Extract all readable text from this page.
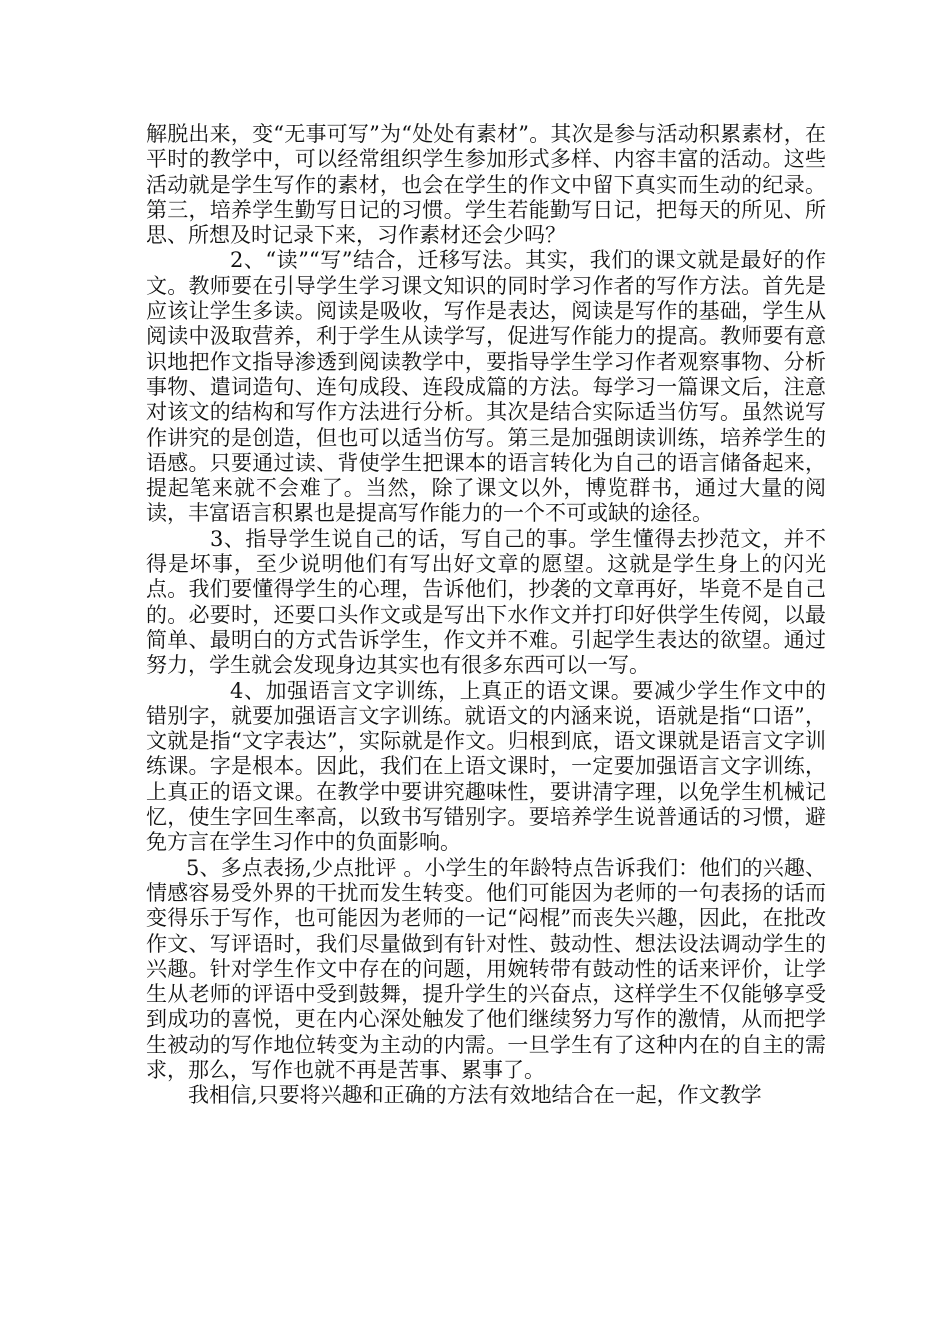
解脱出来，变“无事可写”为“处处有素材”。其次是参与活动积累素材，在平时的教学中，可以经常组织学生参加形式多样、内容丰富的活动。这些活动就是学生写作的素材，也会在学生的作文中留下真实而生动的纪录。第三，培养学生勤写日记的习惯。学生若能勤写日记，把每天的所见、所思、所想及时记录下来，习作素材还会少吗？

2、“读”“写”结合，迁移写法。其实，我们的课文就是最好的作文。教师要在引导学生学习课文知识的同时学习作者的写作方法。首先是应该让学生多读。阅读是吸收，写作是表达，阅读是写作的基础，学生从阅读中汲取营养，利于学生从读学写，促进写作能力的提高。教师要有意识地把作文指导渗透到阅读教学中，要指导学生学习作者观察事物、分析事物、遣词造句、连句成段、连段成篇的方法。每学习一篇课文后，注意对该文的结构和写作方法进行分析。其次是结合实际适当仿写。虽然说写作讲究的是创造，但也可以适当仿写。第三是加强朗读训练，培养学生的语感。只要通过读、背使学生把课本的语言转化为自己的语言储备起来，提起笔来就不会难了。当然，除了课文以外，博览群书，通过大量的阅读，丰富语言积累也是提高写作能力的一个不可或缺的途径。

3、指导学生说自己的话，写自己的事。学生懂得去抄范文，并不得是坏事，至少说明他们有写出好文章的愿望。这就是学生身上的闪光点。我们要懂得学生的心理，告诉他们，抄袭的文章再好，毕竟不是自己的。必要时，还要口头作文或是写出下水作文并打印好供学生传阅，以最简单、最明白的方式告诉学生，作文并不难。引起学生表达的欲望。通过努力，学生就会发现身边其实也有很多东西可以一写。

4、加强语言文字训练，上真正的语文课。要减少学生作文中的错别字，就要加强语言文字训练。就语文的内涵来说，语就是指“口语”，文就是指“文字表达”，实际就是作文。归根到底，语文课就是语言文字训练课。字是根本。因此，我们在上语文课时，一定要加强语言文字训练，上真正的语文课。在教学中要讲究趣味性，要讲清字理，以免学生机械记忆，使生字回生率高，以致书写错别字。要培养学生说普通话的习惯，避免方言在学生习作中的负面影响。

5、多点表扬,少点批评 。小学生的年龄特点告诉我们：他们的兴趣、情感容易受外界的干扰而发生转变。他们可能因为老师的一句表扬的话而变得乐于写作，也可能因为老师的一记“闷棍”而丧失兴趣，因此，在批改作文、写评语时，我们尽量做到有针对性、鼓动性、想法设法调动学生的兴趣。针对学生作文中存在的问题，用婉转带有鼓动性的话来评价，让学生从老师的评语中受到鼓舞，提升学生的兴奋点，这样学生不仅能够享受到成功的喜悦，更在内心深处触发了他们继续努力写作的激情，从而把学生被动的写作地位转变为主动的内需。一旦学生有了这种内在的自主的需求，那么，写作也就不再是苦事、累事了。

我相信,只要将兴趣和正确的方法有效地结合在一起，作文教学
